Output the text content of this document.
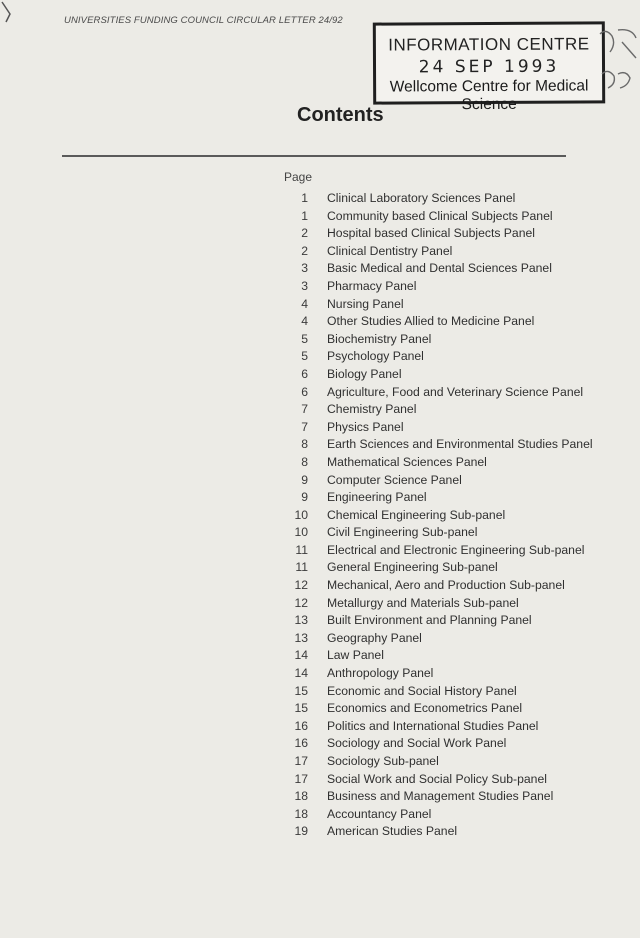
UNIVERSITIES FUNDING COUNCIL CIRCULAR LETTER 24/92
INFORMATION CENTRE
24 SEP 1993
Wellcome Centre for Medical Science
Contents
Page
1 Clinical Laboratory Sciences Panel
1 Community based Clinical Subjects Panel
2 Hospital based Clinical Subjects Panel
2 Clinical Dentistry Panel
3 Basic Medical and Dental Sciences Panel
3 Pharmacy Panel
4 Nursing Panel
4 Other Studies Allied to Medicine Panel
5 Biochemistry Panel
5 Psychology Panel
6 Biology Panel
6 Agriculture, Food and Veterinary Science Panel
7 Chemistry Panel
7 Physics Panel
8 Earth Sciences and Environmental Studies Panel
8 Mathematical Sciences Panel
9 Computer Science Panel
9 Engineering Panel
10 Chemical Engineering Sub-panel
10 Civil Engineering Sub-panel
11 Electrical and Electronic Engineering Sub-panel
11 General Engineering Sub-panel
12 Mechanical, Aero and Production Sub-panel
12 Metallurgy and Materials Sub-panel
13 Built Environment and Planning Panel
13 Geography Panel
14 Law Panel
14 Anthropology Panel
15 Economic and Social History Panel
15 Economics and Econometrics Panel
16 Politics and International Studies Panel
16 Sociology and Social Work Panel
17 Sociology Sub-panel
17 Social Work and Social Policy Sub-panel
18 Business and Management Studies Panel
18 Accountancy Panel
19 American Studies Panel
